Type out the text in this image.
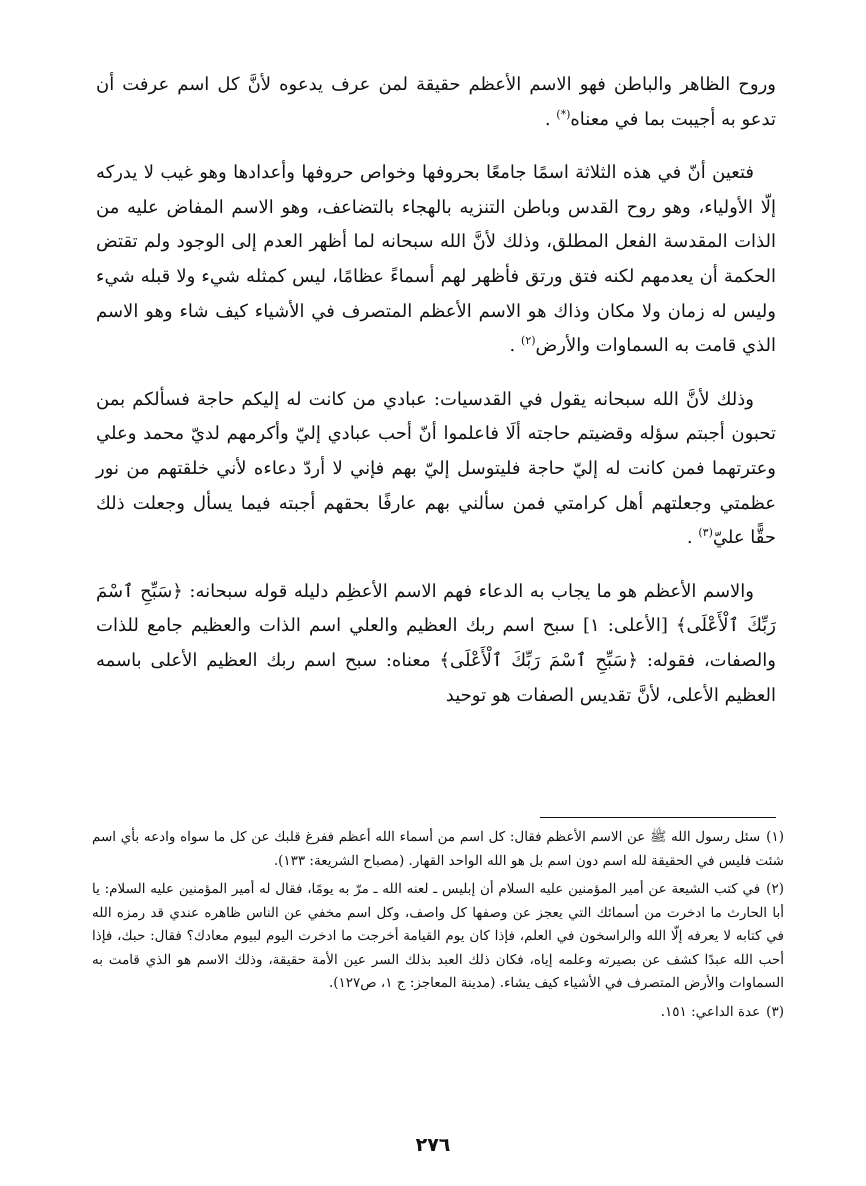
وروح الظاهر والباطن فهو الاسم الأعظم حقيقة لمن عرف يدعوه لأنَّ كل اسم عرفت أن تدعو به أجيبت بما في معناه(*) .

فتعين أنّ في هذه الثلاثة اسمًا جامعًا بحروفها وخواص حروفها وأعدادها وهو غيب لا يدركه إلّا الأولياء، وهو روح القدس وباطن التنزيه بالهجاء بالتضاعف، وهو الاسم المفاض عليه من الذات المقدسة الفعل المطلق، وذلك لأنَّ الله سبحانه لما أظهر العدم إلى الوجود ولم تقتض الحكمة أن يعدمهم لكنه فتق ورتق فأظهر لهم أسماءً عظامًا، ليس كمثله شيء ولا قبله شيء وليس له زمان ولا مكان وذاك هو الاسم الأعظم المتصرف في الأشياء كيف شاء وهو الاسم الذي قامت به السماوات والأرض$^{(٢)}$ .

وذلك لأنَّ الله سبحانه يقول في القدسيات: عبادي من كانت له إليكم حاجة فسألكم بمن تحبون أجبتم سؤله وقضيتم حاجته ألَا فاعلموا أنّ أحب عبادي إليّ وأكرمهم لديّ محمد وعلي وعترتهما فمن كانت له إليّ حاجة فليتوسل إليّ بهم فإني لا أردّ دعاءه لأني خلقتهم من نور عظمتي وجعلتهم أهل كرامتي فمن سألني بهم عارفًا بحقهم أجبته فيما يسأل وجعلت ذلك حقًّا عليّ$^{(٣)}$ .

والاسم الأعظم هو ما يجاب به الدعاء فهم الاسم الأعظِم دليله قوله سبحانه: ﴿سَبِّحِ ٱسْمَ رَبِّكَ ٱلْأَعْلَى﴾ [الأعلى: ١] سبح اسم ربك العظيم والعلي اسم الذات والعظيم جامع للذات والصفات، فقوله: ﴿سَبِّحِ ٱسْمَ رَبِّكَ ٱلْأَعْلَى﴾ معناه: سبح اسم ربك العظيم الأعلى باسمه العظيم الأعلى، لأنَّ تقديس الصفات هو توحيد

(١)سئل رسول الله ﷺ عن الاسم الأعظم فقال: كل اسم من أسماء الله أعظم ففرغ قلبك عن كل ما سواه وادعه بأي اسم شئت فليس في الحقيقة لله اسم دون اسم بل هو الله الواحد القهار. (مصباح الشريعة: ١٣٣).
(٢)في كتب الشيعة عن أمير المؤمنين عليه السلام أن إبليس ـ لعنه الله ـ مرّ به يومًا، فقال له أمير المؤمنين عليه السلام: يا أبا الحارث ما ادخرت من أسمائك التي يعجز عن وصفها كل واصف، وكل اسم مخفي عن الناس ظاهره عندي قد رمزه الله في كتابه لا يعرفه إلّا الله والراسخون في العلم، فإذا كان يوم القيامة أخرجت ما ادخرت اليوم لبيوم معادك؟ فقال: حبك، فإذا أحب الله عبدًا كشف عن بصيرته وعلمه إياه، فكان ذلك العبد بذلك السر عين الأمة حقيقة، وذلك الاسم هو الذي قامت به السماوات والأرض المتصرف في الأشياء كيف يشاء. (مدينة المعاجز: ج ١، ص١٢٧).
(٣)عدة الداعي: ١٥١.
٢٧٦
